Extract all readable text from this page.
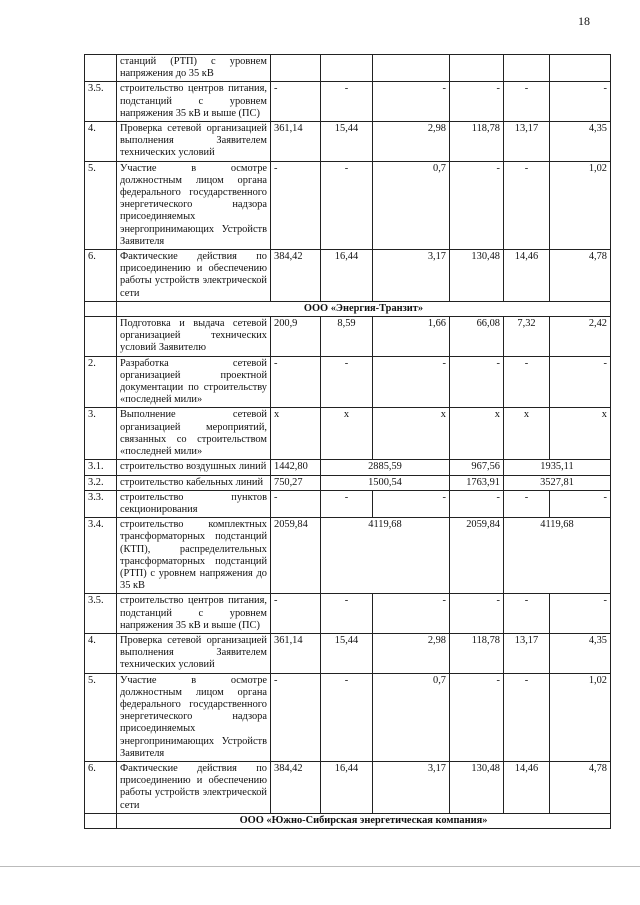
18
	станций (РТП) с уровнем напряжения до 35 кВ						
3.5.	строительство центров питания, подстанций с уровнем напряжения 35 кВ и выше (ПС)	-	-	-	-	-	-
4.	Проверка сетевой организацией выполнения Заявителем технических условий	361,14	15,44	2,98	118,78	13,17	4,35
5.	Участие в осмотре должностным лицом органа федерального государственного энергетического надзора присоединяемых энергопринимающих Устройств Заявителя	-	-	0,7	-	-	1,02
6.	Фактические действия по присоединению и обеспечению работы устройств электрической сети	384,42	16,44	3,17	130,48	14,46	4,78
	ООО «Энергия-Транзит»						
	Подготовка и выдача сетевой организацией технических условий Заявителю	200,9	8,59	1,66	66,08	7,32	2,42
2.	Разработка сетевой организацией проектной документации по строительству «последней мили»	-	-	-	-	-	-
3.	Выполнение сетевой организацией мероприятий, связанных со строительством «последней мили»	x	x	x	x	x	x
3.1.	строительство воздушных линий	1442,80	2885,59		967,56	1935,11	
3.2.	строительство кабельных линий	750,27	1500,54		1763,91	3527,81	
3.3.	строительство пунктов секционирования	-	-	-	-	-	-
3.4.	строительство комплектных трансформаторных подстанций (КТП), распределительных трансформаторных подстанций (РТП) с уровнем напряжения до 35 кВ	2059,84	4119,68		2059,84	4119,68	
3.5.	строительство центров питания, подстанций с уровнем напряжения 35 кВ и выше (ПС)	-	-	-	-	-	-
4.	Проверка сетевой организацией выполнения Заявителем технических условий	361,14	15,44	2,98	118,78	13,17	4,35
5.	Участие в осмотре должностным лицом органа федерального государственного энергетического надзора присоединяемых энергопринимающих Устройств Заявителя	-	-	0,7	-	-	1,02
6.	Фактические действия по присоединению и обеспечению работы устройств электрической сети	384,42	16,44	3,17	130,48	14,46	4,78
	ООО «Южно-Сибирская энергетическая компания»						
